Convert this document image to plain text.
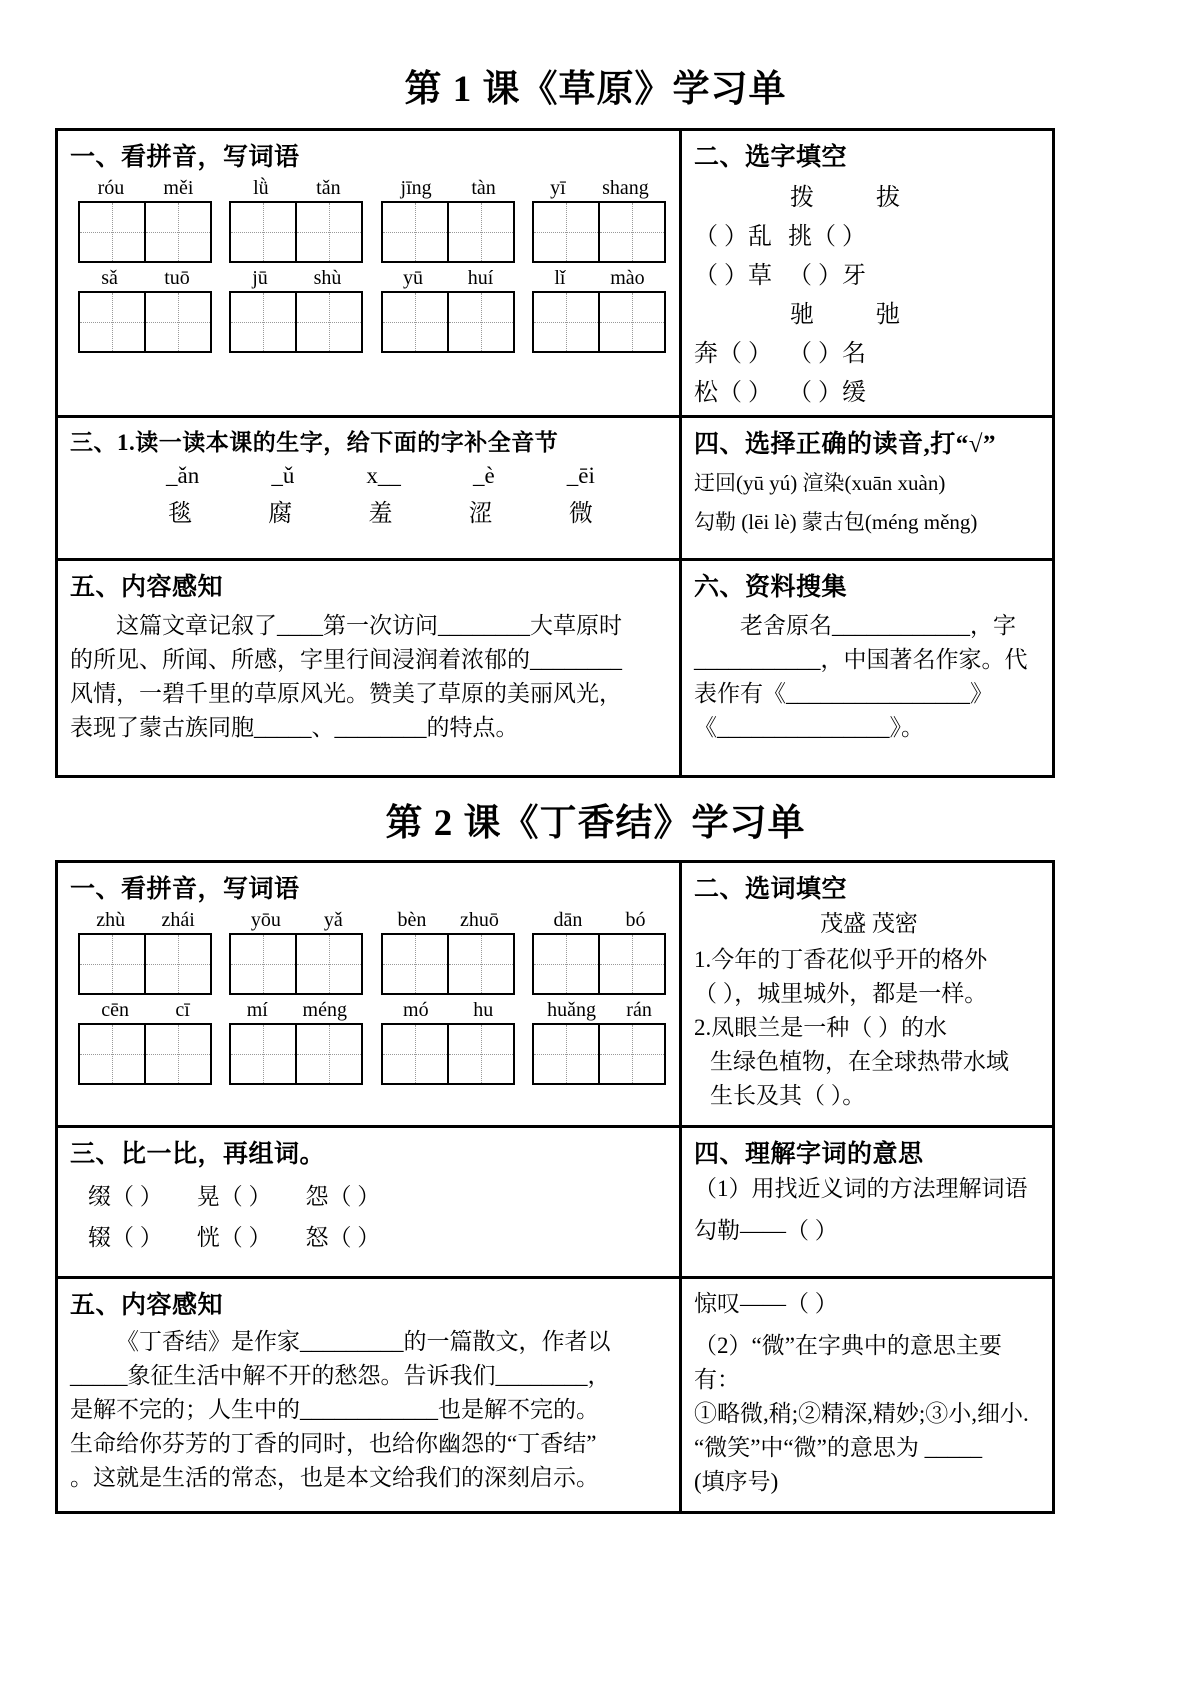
第 1 课《草原》学习单
一、看拼音，写词语
róu měi	lǜ tǎn	jīng tàn	yī shang
sǎ tuō	jū shù	yū huí	lǐ mào
二、选字填空
拨	拔
（ ）乱 挑（ ）
（ ）草 （ ）牙
驰	弛
奔（ ） （ ）名
松（ ） （ ）缓
三、1.读一读本课的生字，给下面的字补全音节
_ǎn	_ǔ	x__	_è	_ēi
毯	腐	羞	涩	微
四、选择正确的读音,打“√”
迂回(yū yú) 渲染(xuān xuàn)
勾勒 (lēi lè) 蒙古包(méng měng)
五、内容感知
这篇文章记叙了____第一次访问________大草原时
的所见、所闻、所感，字里行间浸润着浓郁的________
风情，一碧千里的草原风光。赞美了草原的美丽风光，
表现了蒙古族同胞_____、________的特点。
六、资料搜集
老舍原名____________，字
___________，中国著名作家。代
表作有《________________》
《_______________》。
第 2 课《丁香结》学习单
一、看拼音，写词语
zhù zhái	yōu yǎ	bèn zhuō	dān bó
cēn cī	mí méng	mó hu	huǎng rán
二、选词填空
茂盛 茂密
1.今年的丁香花似乎开的格外
（ ），城里城外，都是一样。
2.凤眼兰是一种（ ）的水
生绿色植物，在全球热带水域
生长及其（ ）。
三、比一比，再组词。
缀（ ） 晃（ ） 怨（ ）
辍（ ） 恍（ ） 怒（ ）
四、理解字词的意思
（1）用找近义词的方法理解词语
勾勒——（ ）
五、内容感知
《丁香结》是作家_________的一篇散文，作者以
_____象征生活中解不开的愁怨。告诉我们________，
是解不完的；人生中的____________也是解不完的。
生命给你芬芳的丁香的同时，也给你幽怨的“丁香结”
。这就是生活的常态，也是本文给我们的深刻启示。
惊叹——（ ）
（2）“微”在字典中的意思主要有：
①略微,稍;②精深,精妙;③小,细小.
“微笑”中“微”的意思为 _____
(填序号)
